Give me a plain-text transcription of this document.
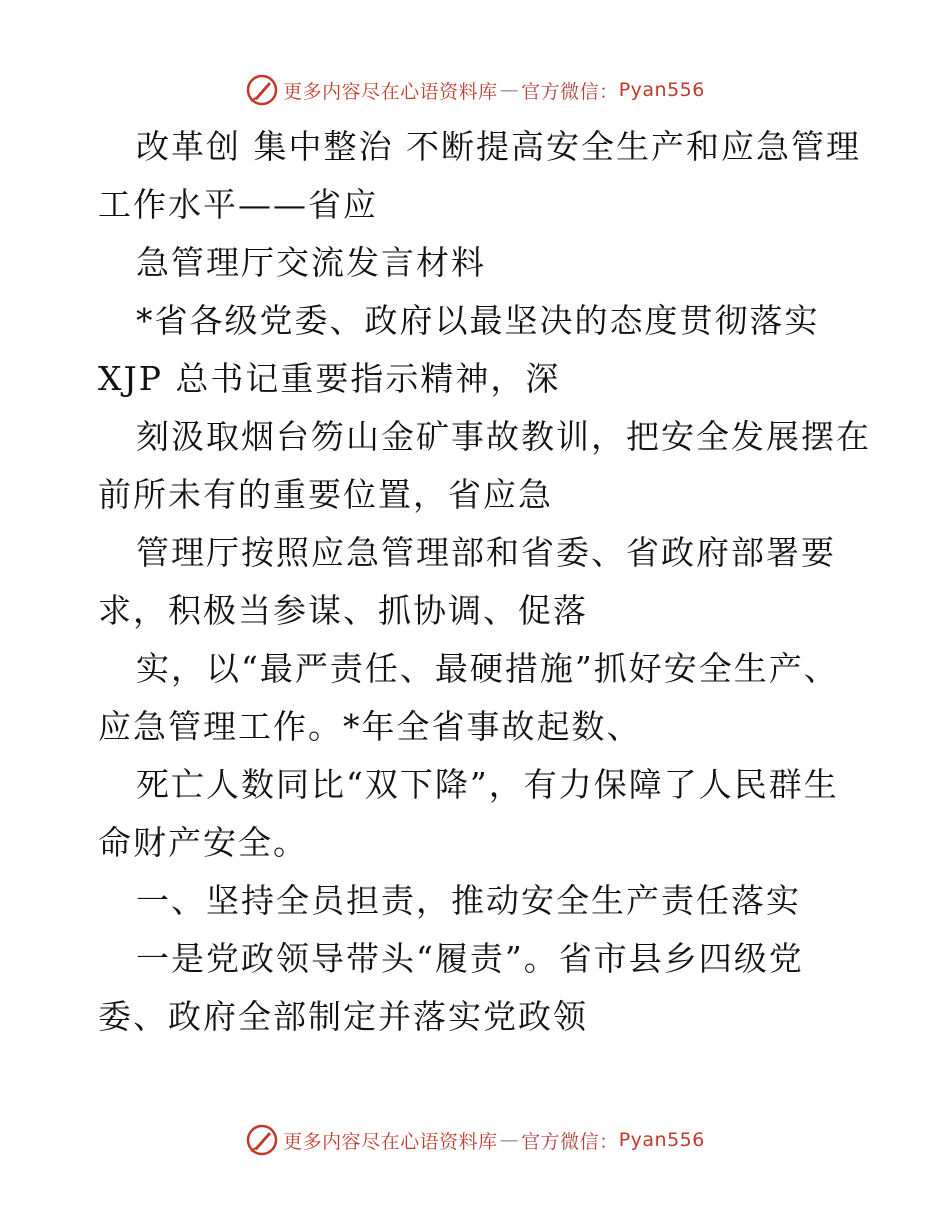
更多内容尽在心语资料库 — 官方微信： Pyan556
改革创 集中整治 不断提高安全生产和应急管理
工作水平——省应
急管理厅交流发言材料
*省各级党委、政府以最坚决的态度贯彻落实
XJP 总书记重要指示精神，深
刻汲取烟台笏山金矿事故教训，把安全发展摆在
前所未有的重要位置，省应急
管理厅按照应急管理部和省委、省政府部署要
求，积极当参谋、抓协调、促落
实，以“最严责任、最硬措施”抓好安全生产、
应急管理工作。*年全省事故起数、
死亡人数同比“双下降”，有力保障了人民群生
命财产安全。
一、坚持全员担责，推动安全生产责任落实
一是党政领导带头“履责”。省市县乡四级党
委、政府全部制定并落实党政领
更多内容尽在心语资料库 — 官方微信： Pyan556
